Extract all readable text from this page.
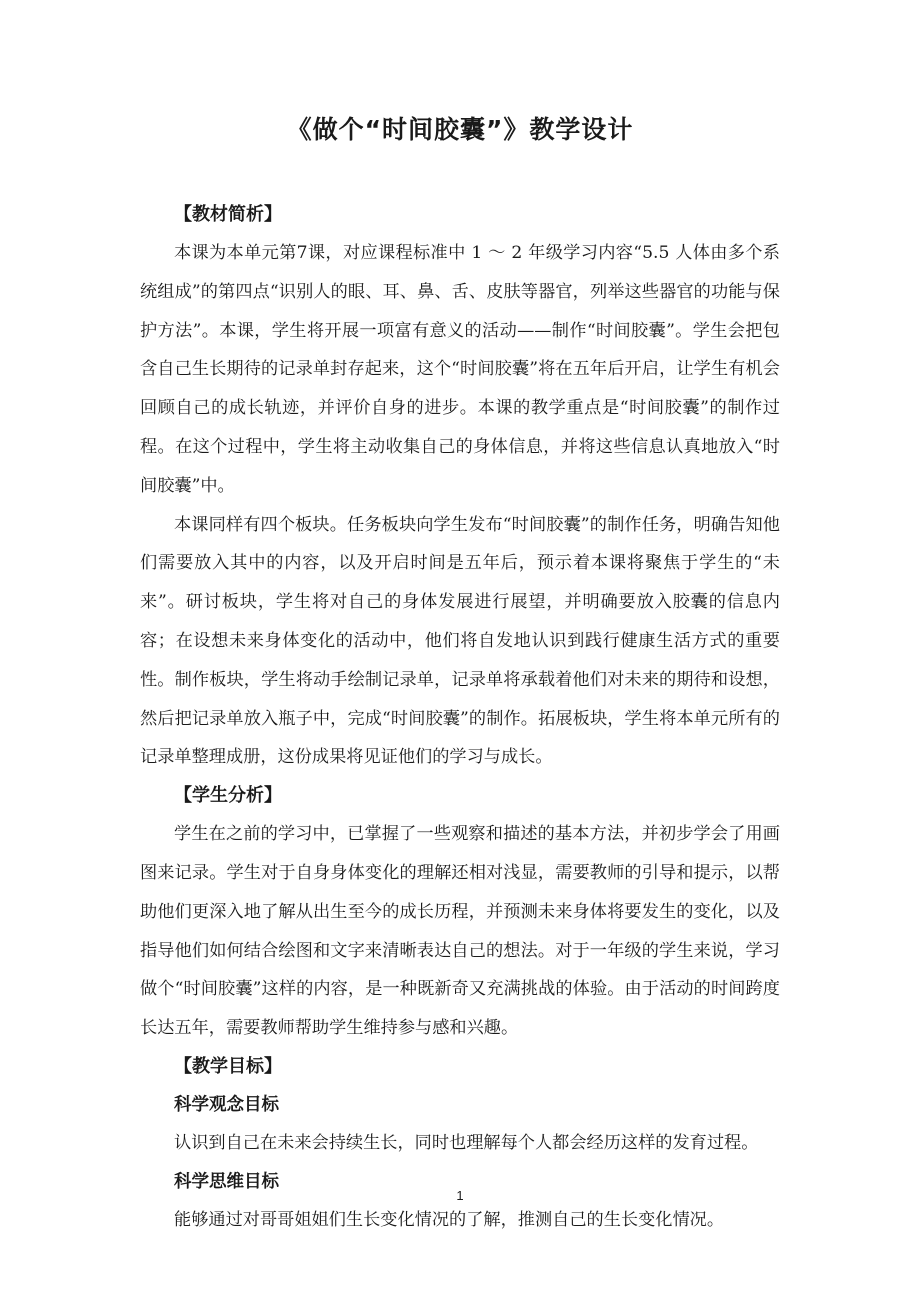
《做个“时间胶囊”》教学设计
【教材简析】

本课为本单元第7课，对应课程标准中 1 ～ 2 年级学习内容“5.5 人体由多个系统组成”的第四点“识别人的眼、耳、鼻、舌、皮肤等器官，列举这些器官的功能与保护方法”。本课，学生将开展一项富有意义的活动——制作“时间胶囊”。学生会把包含自己生长期待的记录单封存起来，这个“时间胶囊”将在五年后开启，让学生有机会回顾自己的成长轨迹，并评价自身的进步。本课的教学重点是“时间胶囊”的制作过程。在这个过程中，学生将主动收集自己的身体信息，并将这些信息认真地放入“时间胶囊”中。

本课同样有四个板块。任务板块向学生发布“时间胶囊”的制作任务，明确告知他们需要放入其中的内容，以及开启时间是五年后，预示着本课将聚焦于学生的“未来”。研讨板块，学生将对自己的身体发展进行展望，并明确要放入胶囊的信息内容；在设想未来身体变化的活动中，他们将自发地认识到践行健康生活方式的重要性。制作板块，学生将动手绘制记录单，记录单将承载着他们对未来的期待和设想，然后把记录单放入瓶子中，完成“时间胶囊”的制作。拓展板块，学生将本单元所有的记录单整理成册，这份成果将见证他们的学习与成长。

【学生分析】

学生在之前的学习中，已掌握了一些观察和描述的基本方法，并初步学会了用画图来记录。学生对于自身身体变化的理解还相对浅显，需要教师的引导和提示，以帮助他们更深入地了解从出生至今的成长历程，并预测未来身体将要发生的变化，以及指导他们如何结合绘图和文字来清晰表达自己的想法。对于一年级的学生来说，学习做个“时间胶囊”这样的内容，是一种既新奇又充满挑战的体验。由于活动的时间跨度长达五年，需要教师帮助学生维持参与感和兴趣。

【教学目标】
科学观念目标

认识到自己在未来会持续生长，同时也理解每个人都会经历这样的发育过程。

科学思维目标

能够通过对哥哥姐姐们生长变化情况的了解，推测自己的生长变化情况。

1
